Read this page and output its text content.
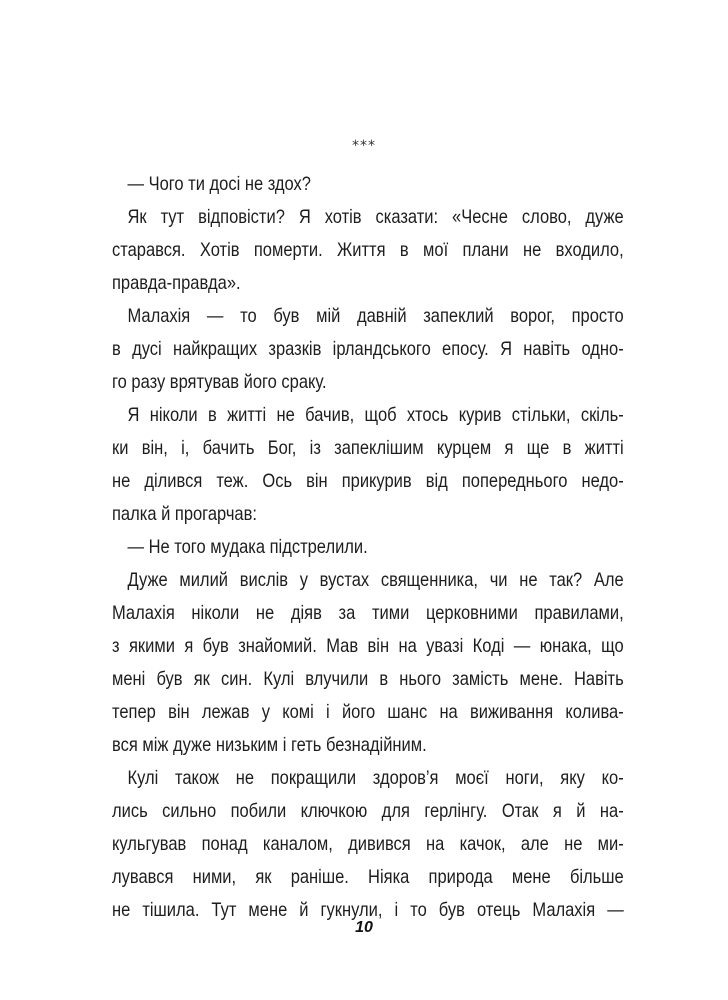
***
— Чого ти досі не здох?
Як тут відповісти? Я хотів сказати: «Чесне слово, дуже
старався. Хотів померти. Життя в мої плани не входило,
правда-правда».
Малахія — то був мій давній запеклий ворог, просто
в дусі найкращих зразків ірландського епосу. Я навіть одно-
го разу врятував його сраку.
Я ніколи в житті не бачив, щоб хтось курив стільки, скіль-
ки він, і, бачить Бог, із запеклішим курцем я ще в житті
не ділився теж. Ось він прикурив від попереднього недо-
палка й прогарчав:
— Не того мудака підстрелили.
Дуже милий вислів у вустах священника, чи не так? Але
Малахія ніколи не діяв за тими церковними правилами,
з якими я був знайомий. Мав він на увазі Коді — юнака, що
мені був як син. Кулі влучили в нього замість мене. Навіть
тепер він лежав у комі і його шанс на виживання колива-
вся між дуже низьким і геть безнадійним.
Кулі також не покращили здоров’я моєї ноги, яку ко-
лись сильно побили ключкою для герлінгу. Отак я й на-
кульгував понад каналом, дивився на качок, але не ми-
лувався ними, як раніше. Ніяка природа мене більше
не тішила. Тут мене й гукнули, і то був отець Малахія —
10
